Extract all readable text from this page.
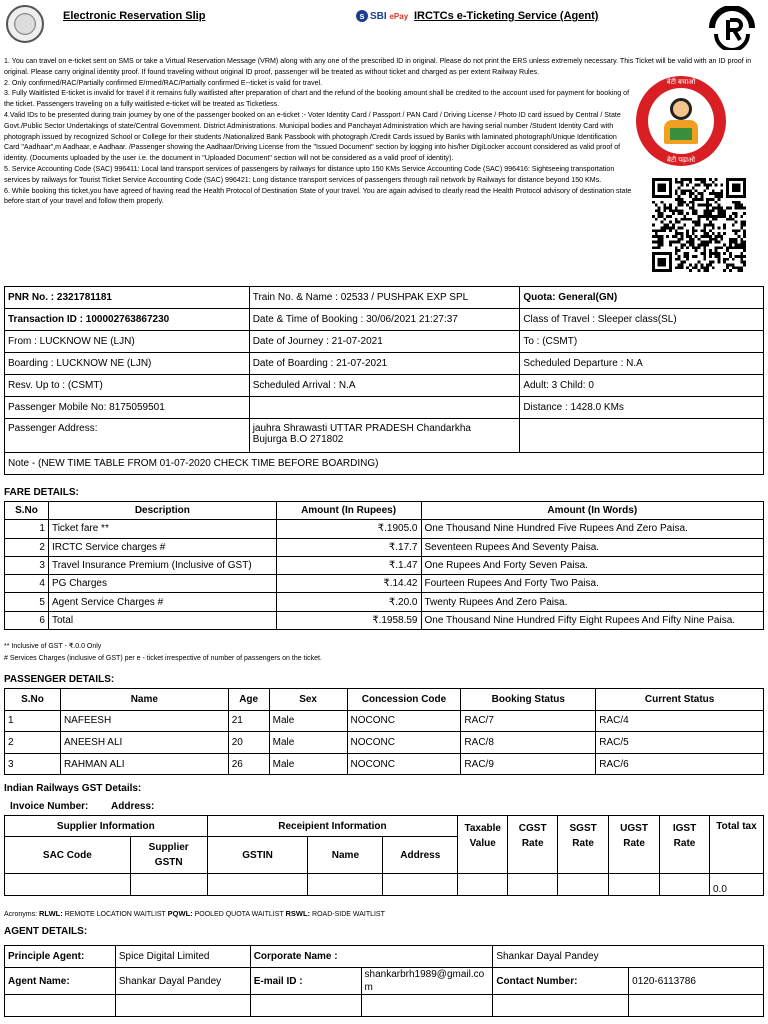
Electronic Reservation Slip	s SBI ePay IRCTCs e-Ticketing Service (Agent)

1. You can travel on e-ticket sent on SMS or take a Virtual Reservation Message (VRM) along with any one of the prescribed ID in original. Please do not print the ERS unless extremely necessary. This Ticket will be valid with an ID proof in original. Please carry original identity proof. If found traveling without original ID proof, passenger will be treated as without ticket and charged as per extent Railway Rules.

2. Only confirmed/RAC/Partially confirmed E/rmed/RAC/Partially confirmed E--ticket is valid for travel.

3. Fully Waitlisted E-ticket is invalid for travel if it remains fully waitlisted after preparation of chart and the refund of the booking amount shall be credited to the account used for payment for booking of the ticket. Passengers traveling on a fully waitlisted e-ticket will be treated as Ticketless.

4.Valid IDs to be presented during train journey by one of the passenger booked on an e-ticket :- Voter Identity Card / Passport / PAN Card / Driving License / Photo ID card issued by Central / State Govt./Public Sector Undertakings of state/Central Government. District Administrations. Municipal bodies and Panchayat Administration which are having serial number /Student Identity Card with photograph issued by recognized School or College for their students /Nationalized Bank Passbook with photograph /Credit Cards issued by Banks with laminated photograph/Unique Identification Card "Aadhaar",m Aadhaar, e Aadhaar. /Passenger showing the Aadhaar/Driving License from the "Issued Document" section by logging into his/her DigiLocker account considered as valid proof of identity. (Documents uploaded by the user i.e. the document in "Uploaded Document" section will not be considered as a valid proof of identity).

5. Service Accounting Code (SAC) 996411: Local land transport services of passengers by railways for distance upto 150 KMs Service Accounting Code (SAC) 996416: Sightseeing transportation services by railways for Tourist Ticket Service Accounting Code (SAC) 996421: Long distance transport services of passengers through rail network by Railways for distance beyond 150 KMs.

6. While booking this ticket,you have agreed of having read the Health Protocol of Destination State of your travel. You are again advised to clearly read the Health Protocol advisory of destination state before start of your travel and follow them properly.

बेटी बचाओ
बेटी पढ़ाओ
PNR No. : 2321781181	Train No. & Name : 02533 / PUSHPAK EXP SPL	Quota: General(GN)
Transaction ID : 100002763867230	Date & Time of Booking : 30/06/2021 21:27:37	Class of Travel : Sleeper class(SL)
From : LUCKNOW NE (LJN)	Date of Journey : 21-07-2021	To : (CSMT)
Boarding : LUCKNOW NE (LJN)	Date of Boarding : 21-07-2021	Scheduled Departure : N.A
Resv. Up to : (CSMT)	Scheduled Arrival : N.A	Adult: 3 Child: 0
Passenger Mobile No: 8175059501		Distance : 1428.0 KMs
Passenger Address:	jauhra Shrawasti UTTAR PRADESH Chandarkha
Bujurga B.O 271802	

Note - (NEW TIME TABLE FROM 01-07-2020 CHECK TIME BEFORE BOARDING)		
FARE DETAILS:
S.No	Description	Amount (In Rupees)	Amount (In Words)
1	Ticket fare **	₹.1905.0	One Thousand Nine Hundred Five Rupees And Zero Paisa.
2	IRCTC Service charges #	₹.17.7	Seventeen Rupees And Seventy Paisa.
3	Travel Insurance Premium (Inclusive of GST)	₹.1.47	One Rupees And Forty Seven Paisa.
4	PG Charges	₹.14.42	Fourteen Rupees And Forty Two Paisa.
5	Agent Service Charges #	₹.20.0	Twenty Rupees And Zero Paisa.
6	Total	₹.1958.59	One Thousand Nine Hundred Fifty Eight Rupees And Fifty Nine Paisa.
** Inclusive of GST - ₹.0.0 Only
# Services Charges (inclusive of GST) per e - ticket irrespective of number of passengers on the ticket.
PASSENGER DETAILS:
S.No	Name	Age	Sex	Concession Code	Booking Status	Current Status
1	NAFEESH	21	Male	NOCONC	RAC/7	RAC/4
2	ANEESH ALI	20	Male	NOCONC	RAC/8	RAC/5
3	RAHMAN ALI	26	Male	NOCONC	RAC/9	RAC/6
Indian Railways GST Details:
Invoice Number: Address:
Supplier Information		Receipient Information			Taxable Value	CGST Rate	SGST Rate	UGST Rate	IGST Rate	Total tax
SAC Code	Supplier GSTN	GSTIN	Name	Address						
										0.0
Acronyms: RLWL: REMOTE LOCATION WAITLIST PQWL: POOLED QUOTA WAITLIST RSWL: ROAD-SIDE WAITLIST
AGENT DETAILS:
Principle Agent:	Spice Digital Limited	Corporate Name :		Shankar Dayal Pandey	
Agent Name:	Shankar Dayal Pandey	E-mail ID :	shankarbrh1989@gmail.com	Contact Number:	0120-6113786
